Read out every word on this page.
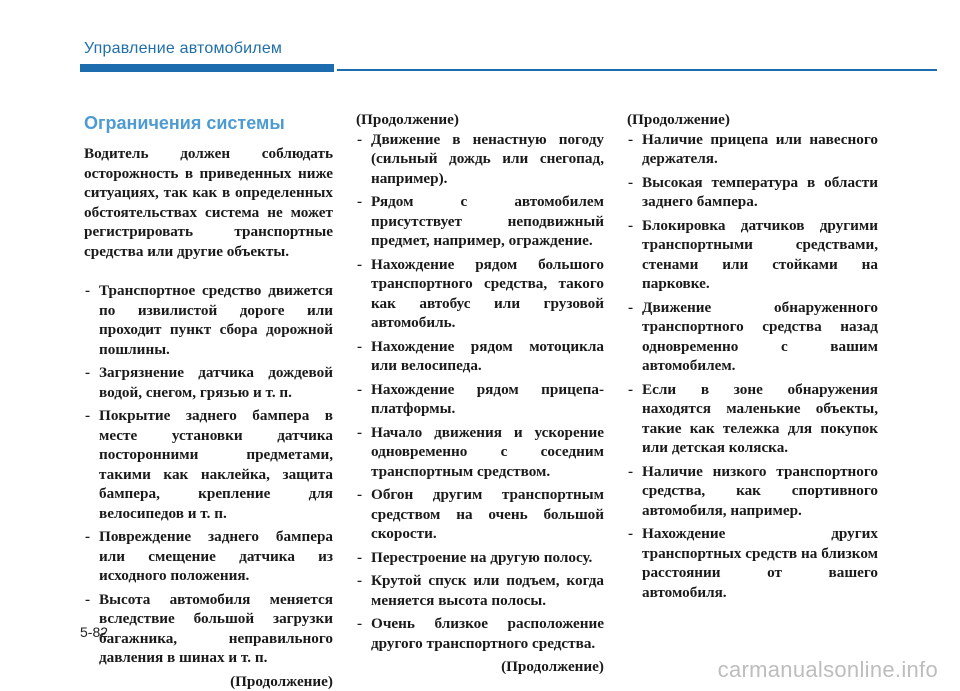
Управление автомобилем
Ограничения системы

Водитель должен соблюдать осторожность в приведенных ниже ситуациях, так как в определенных обстоятельствах система не может регистрировать транспортные средства или другие объекты.

- Транспортное средство движется по извилистой дороге или проходит пункт сбора дорожной пошлины.
- Загрязнение датчика дождевой водой, снегом, грязью и т. п.
- Покрытие заднего бампера в месте установки датчика посторонними предметами, такими как наклейка, защита бампера, крепление для велосипедов и т. п.
- Повреждение заднего бампера или смещение датчика из исходного положения.
- Высота автомобиля меняется вследствие большой загрузки багажника, неправильного давления в шинах и т. п.
(Продолжение)
(Продолжение)
- Движение в ненастную погоду (сильный дождь или снегопад, например).
- Рядом с автомобилем присутствует неподвижный предмет, например, ограждение.
- Нахождение рядом большого транспортного средства, такого как автобус или грузовой автомобиль.
- Нахождение рядом мотоцикла или велосипеда.
- Нахождение рядом прицепа-платформы.
- Начало движения и ускорение одновременно с соседним транспортным средством.
- Обгон другим транспортным средством на очень большой скорости.
- Перестроение на другую полосу.
- Крутой спуск или подъем, когда меняется высота полосы.
- Очень близкое расположение другого транспортного средства.
(Продолжение)
(Продолжение)
- Наличие прицепа или навесного держателя.
- Высокая температура в области заднего бампера.
- Блокировка датчиков другими транспортными средствами, стенами или стойками на парковке.
- Движение обнаруженного транспортного средства назад одновременно с вашим автомобилем.
- Если в зоне обнаружения находятся маленькие объекты, такие как тележка для покупок или детская коляска.
- Наличие низкого транспортного средства, как спортивного автомобиля, например.
- Нахождение других транспортных средств на близком расстоянии от вашего автомобиля.
5-82
carmanualsonline.info
